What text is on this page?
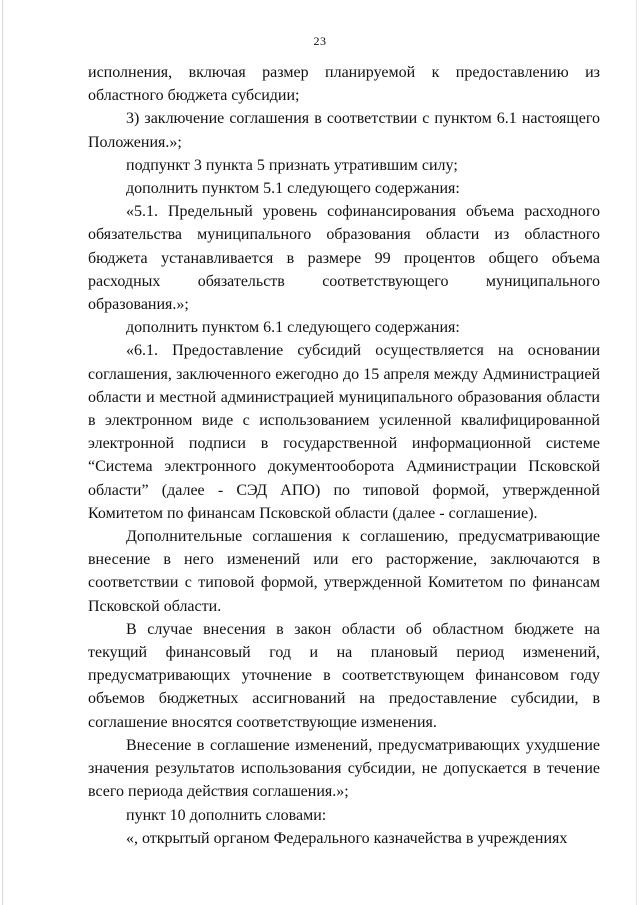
23

исполнения, включая размер планируемой к предоставлению из областного бюджета субсидии;

3) заключение соглашения в соответствии с пунктом 6.1 настоящего Положения.»;

подпункт 3 пункта 5 признать утратившим силу;

дополнить пунктом 5.1 следующего содержания:

«5.1. Предельный уровень софинансирования объема расходного обязательства муниципального образования области из областного бюджета устанавливается в размере 99 процентов общего объема расходных обязательств соответствующего муниципального образования.»;

дополнить пунктом 6.1 следующего содержания:

«6.1. Предоставление субсидий осуществляется на основании соглашения, заключенного ежегодно до 15 апреля между Администрацией области и местной администрацией муниципального образования области в электронном виде с использованием усиленной квалифицированной электронной подписи в государственной информационной системе “Система электронного документооборота Администрации Псковской области” (далее - СЭД АПО) по типовой формой, утвержденной Комитетом по финансам Псковской области (далее - соглашение).

Дополнительные соглашения к соглашению, предусматривающие внесение в него изменений или его расторжение, заключаются в соответствии с типовой формой, утвержденной Комитетом по финансам Псковской области.

В случае внесения в закон области об областном бюджете на текущий финансовый год и на плановый период изменений, предусматривающих уточнение в соответствующем финансовом году объемов бюджетных ассигнований на предоставление субсидии, в соглашение вносятся соответствующие изменения.

Внесение в соглашение изменений, предусматривающих ухудшение значения результатов использования субсидии, не допускается в течение всего периода действия соглашения.»;

пункт 10 дополнить словами:

«, открытый органом Федерального казначейства в учреждениях
